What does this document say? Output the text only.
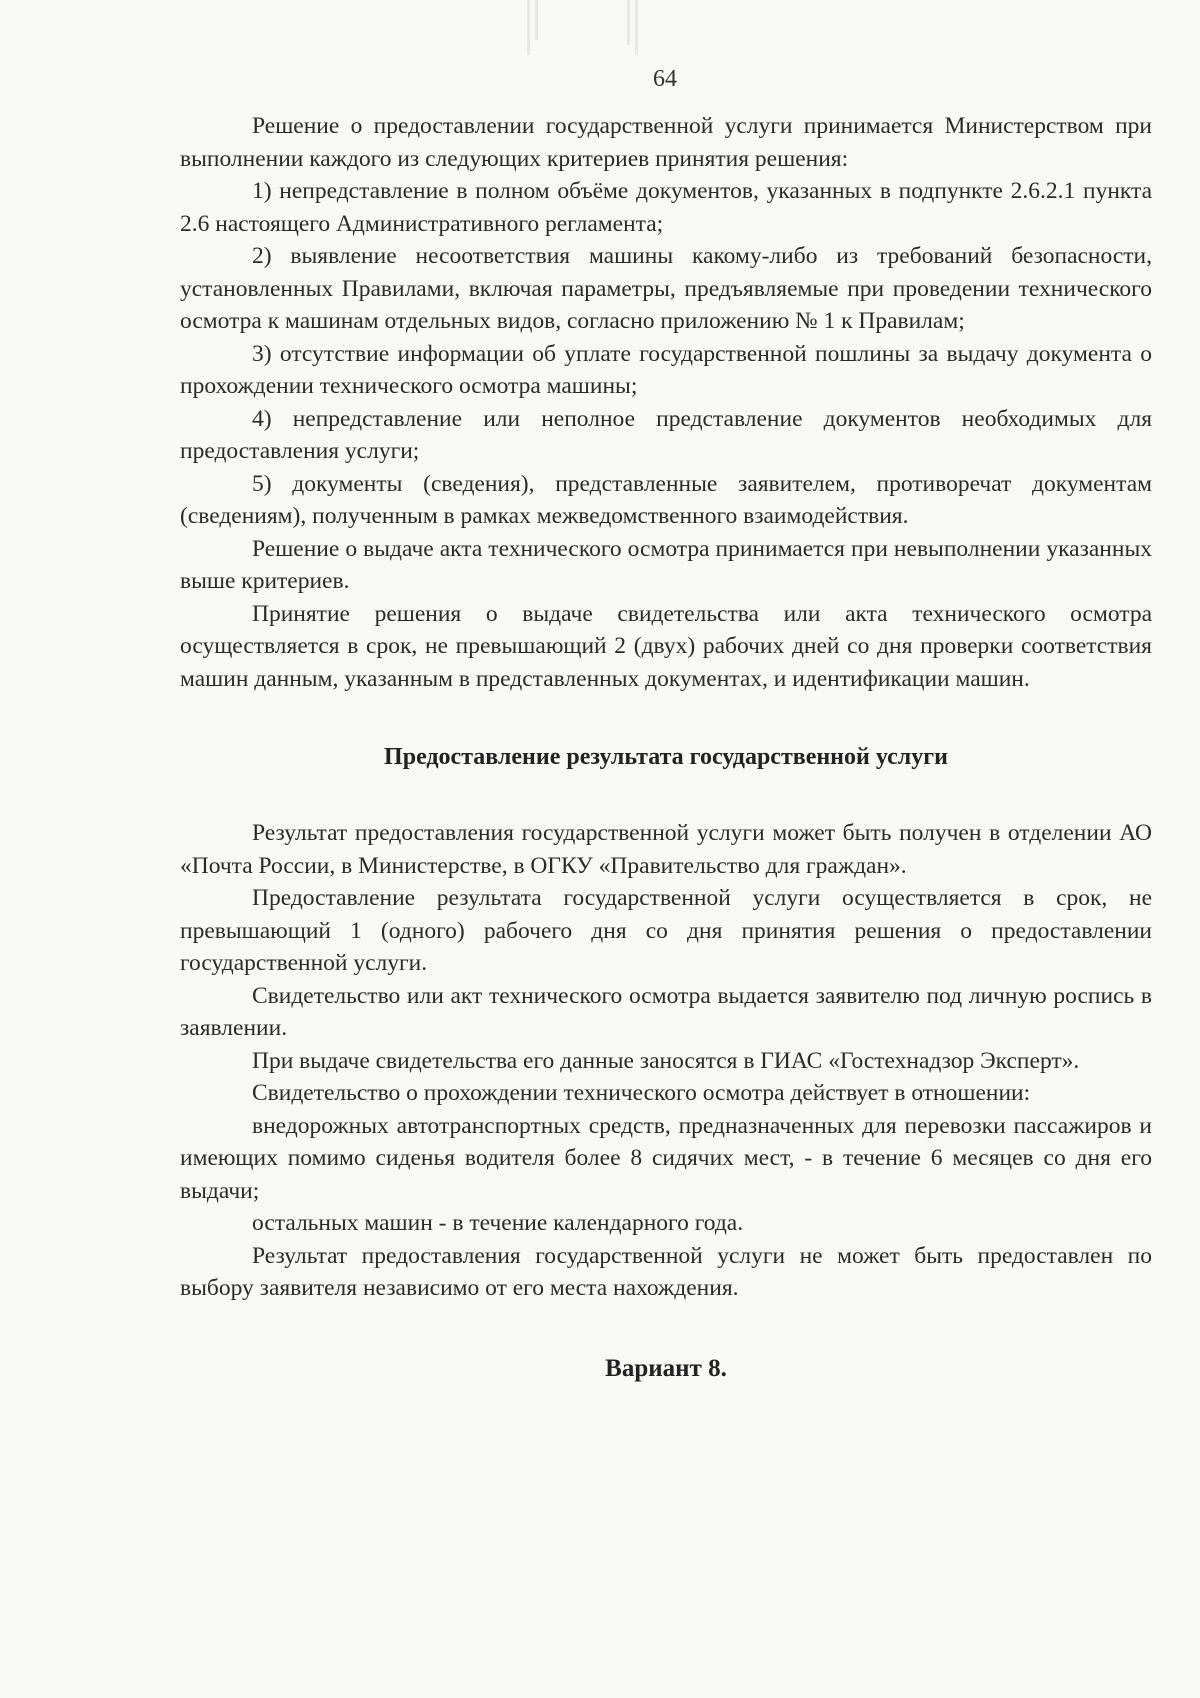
64

Решение о предоставлении государственной услуги принимается Министерством при выполнении каждого из следующих критериев принятия решения:

1) непредставление в полном объёме документов, указанных в подпункте 2.6.2.1 пункта 2.6 настоящего Административного регламента;

2) выявление несоответствия машины какому-либо из требований безопасности, установленных Правилами, включая параметры, предъявляемые при проведении технического осмотра к машинам отдельных видов, согласно приложению № 1 к Правилам;

3) отсутствие информации об уплате государственной пошлины за выдачу документа о прохождении технического осмотра машины;

4) непредставление или неполное представление документов необходимых для предоставления услуги;

5) документы (сведения), представленные заявителем, противоречат документам (сведениям), полученным в рамках межведомственного взаимодействия.

Решение о выдаче акта технического осмотра принимается при невыполнении указанных выше критериев.

Принятие решения о выдаче свидетельства или акта технического осмотра осуществляется в срок, не превышающий 2 (двух) рабочих дней со дня проверки соответствия машин данным, указанным в представленных документах, и идентификации машин.

Предоставление результата государственной услуги

Результат предоставления государственной услуги может быть получен в отделении АО «Почта России, в Министерстве, в ОГКУ «Правительство для граждан».

Предоставление результата государственной услуги осуществляется в срок, не превышающий 1 (одного) рабочего дня со дня принятия решения о предоставлении государственной услуги.

Свидетельство или акт технического осмотра выдается заявителю под личную роспись в заявлении.

При выдаче свидетельства его данные заносятся в ГИАС «Гостехнадзор Эксперт».

Свидетельство о прохождении технического осмотра действует в отношении:

внедорожных автотранспортных средств, предназначенных для перевозки пассажиров и имеющих помимо сиденья водителя более 8 сидячих мест, - в течение 6 месяцев со дня его выдачи;

остальных машин - в течение календарного года.

Результат предоставления государственной услуги не может быть предоставлен по выбору заявителя независимо от его места нахождения.

Вариант 8.
